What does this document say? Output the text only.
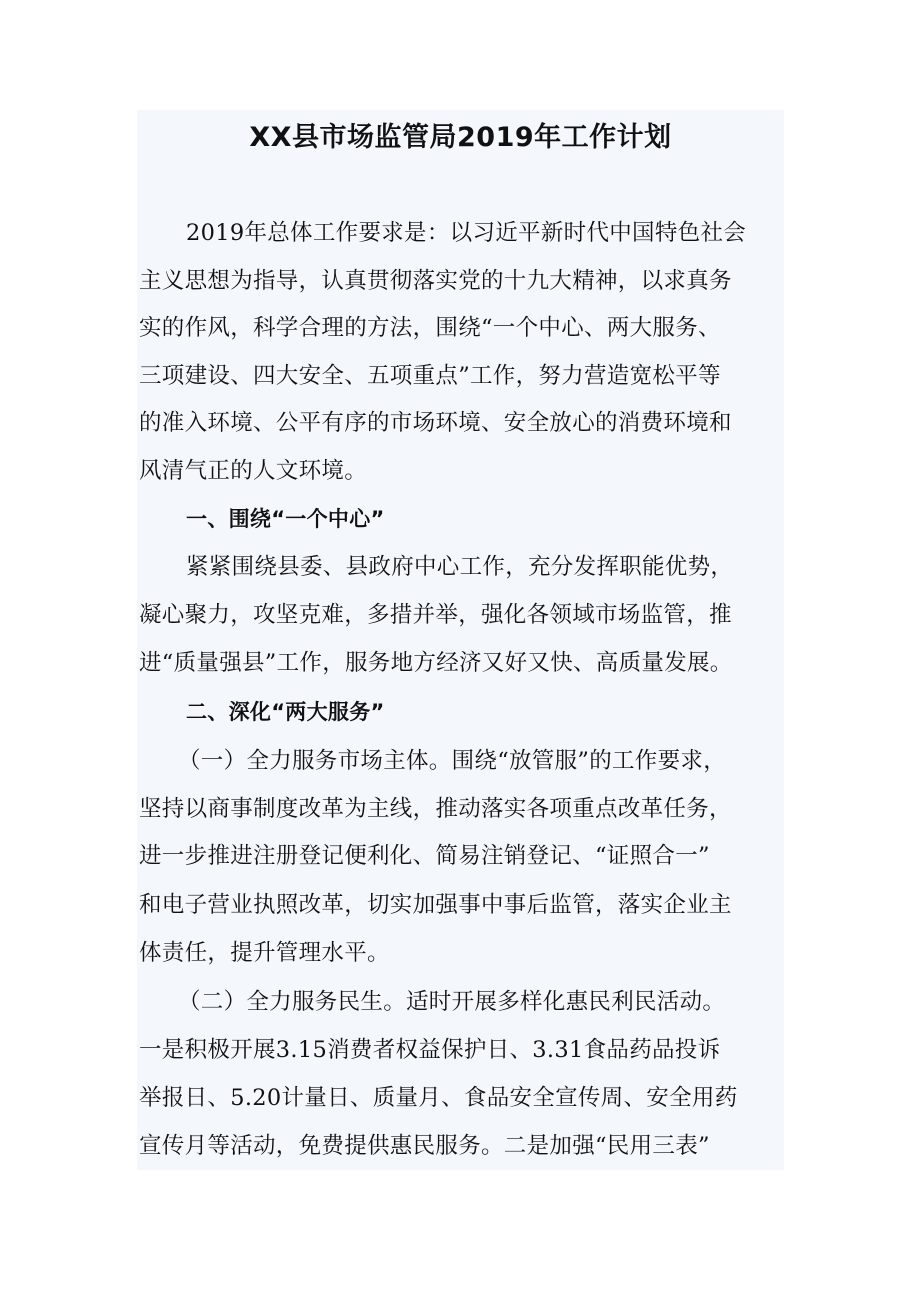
XX县市场监管局2019年工作计划
2019年总体工作要求是：以习近平新时代中国特色社会
主义思想为指导，认真贯彻落实党的十九大精神，以求真务
实的作风，科学合理的方法，围绕“一个中心、两大服务、
三项建设、四大安全、五项重点”工作，努力营造宽松平等
的准入环境、公平有序的市场环境、安全放心的消费环境和
风清气正的人文环境。
一、围绕“一个中心”
紧紧围绕县委、县政府中心工作，充分发挥职能优势，
凝心聚力，攻坚克难，多措并举，强化各领域市场监管，推
进“质量强县”工作，服务地方经济又好又快、高质量发展。
二、深化“两大服务”
（一）全力服务市场主体。围绕“放管服”的工作要求，
坚持以商事制度改革为主线，推动落实各项重点改革任务，
进一步推进注册登记便利化、简易注销登记、“证照合一”
和电子营业执照改革，切实加强事中事后监管，落实企业主
体责任，提升管理水平。
（二）全力服务民生。适时开展多样化惠民利民活动。
一是积极开展3.15消费者权益保护日、3.31食品药品投诉
举报日、5.20计量日、质量月、食品安全宣传周、安全用药
宣传月等活动，免费提供惠民服务。二是加强“民用三表”
